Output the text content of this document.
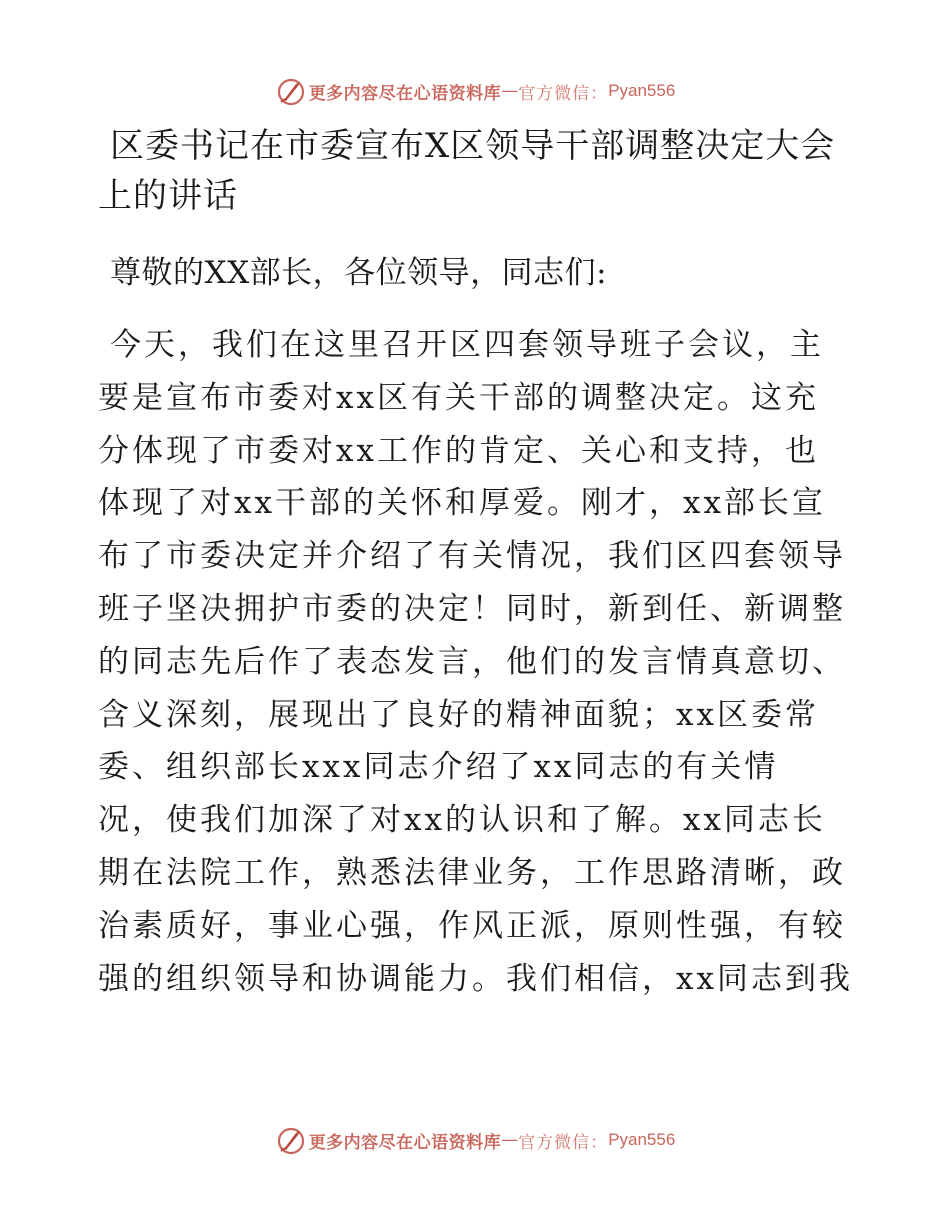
更多内容尽在心语资料库 — 官方微信： Pyan556
区委书记在市委宣布X区领导干部调整决定大会
上的讲话

尊敬的XX部长，各位领导，同志们:

今天，我们在这里召开区四套领导班子会议，主
要是宣布市委对xx区有关干部的调整决定。这充
分体现了市委对xx工作的肯定、关心和支持，也
体现了对xx干部的关怀和厚爱。刚才，xx部长宣
布了市委决定并介绍了有关情况，我们区四套领导
班子坚决拥护市委的决定！同时，新到任、新调整
的同志先后作了表态发言，他们的发言情真意切、
含义深刻，展现出了良好的精神面貌；xx区委常
委、组织部长xxx同志介绍了xx同志的有关情
况，使我们加深了对xx的认识和了解。xx同志长
期在法院工作，熟悉法律业务，工作思路清晰，政
治素质好，事业心强，作风正派，原则性强，有较
强的组织领导和协调能力。我们相信，xx同志到我
更多内容尽在心语资料库 — 官方微信： Pyan556
